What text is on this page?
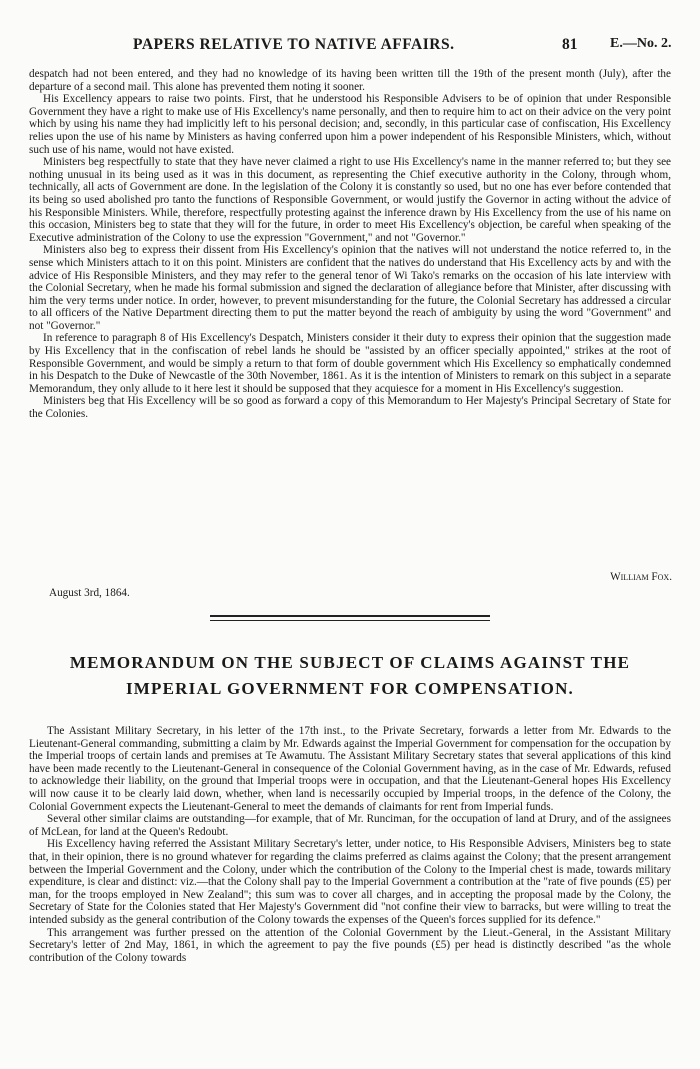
PAPERS RELATIVE TO NATIVE AFFAIRS.	81 E.—No. 2.

despatch had not been entered, and they had no knowledge of its having been written till the 19th of the present month (July), after the departure of a second mail. This alone has prevented them noting it sooner.

His Excellency appears to raise two points. First, that he understood his Responsible Advisers to be of opinion that under Responsible Government they have a right to make use of His Excellency's name personally, and then to require him to act on their advice on the very point which by using his name they had implicitly left to his personal decision; and, secondly, in this particular case of confiscation, His Excellency relies upon the use of his name by Ministers as having conferred upon him a power independent of his Responsible Ministers, which, without such use of his name, would not have existed.

Ministers beg respectfully to state that they have never claimed a right to use His Excellency's name in the manner referred to; but they see nothing unusual in its being used as it was in this document, as representing the Chief executive authority in the Colony, through whom, technically, all acts of Government are done. In the legislation of the Colony it is constantly so used, but no one has ever before contended that its being so used abolished pro tanto the functions of Responsible Government, or would justify the Governor in acting without the advice of his Responsible Ministers. While, therefore, respectfully protesting against the inference drawn by His Excellency from the use of his name on this occasion, Ministers beg to state that they will for the future, in order to meet His Excellency's objection, be careful when speaking of the Executive administration of the Colony to use the expression "Government," and not "Governor."

Ministers also beg to express their dissent from His Excellency's opinion that the natives will not understand the notice referred to, in the sense which Ministers attach to it on this point. Ministers are confident that the natives do understand that His Excellency acts by and with the advice of His Responsible Ministers, and they may refer to the general tenor of Wi Tako's remarks on the occasion of his late interview with the Colonial Secretary, when he made his formal submission and signed the declaration of allegiance before that Minister, after discussing with him the very terms under notice. In order, however, to prevent misunderstanding for the future, the Colonial Secretary has addressed a circular to all officers of the Native Department directing them to put the matter beyond the reach of ambiguity by using the word "Government" and not "Governor."

In reference to paragraph 8 of His Excellency's Despatch, Ministers consider it their duty to express their opinion that the suggestion made by His Excellency that in the confiscation of rebel lands he should be "assisted by an officer specially appointed," strikes at the root of Responsible Government, and would be simply a return to that form of double government which His Excellency so emphatically condemned in his Despatch to the Duke of Newcastle of the 30th November, 1861. As it is the intention of Ministers to remark on this subject in a separate Memorandum, they only allude to it here lest it should be supposed that they acquiesce for a moment in His Excellency's suggestion.

Ministers beg that His Excellency will be so good as forward a copy of this Memorandum to Her Majesty's Principal Secretary of State for the Colonies.

William Fox.
August 3rd, 1864.
MEMORANDUM ON THE SUBJECT OF CLAIMS AGAINST THE
IMPERIAL GOVERNMENT FOR COMPENSATION.

The Assistant Military Secretary, in his letter of the 17th inst., to the Private Secretary, forwards a letter from Mr. Edwards to the Lieutenant-General commanding, submitting a claim by Mr. Edwards against the Imperial Government for compensation for the occupation by the Imperial troops of certain lands and premises at Te Awamutu. The Assistant Military Secretary states that several applications of this kind have been made recently to the Lieutenant-General in consequence of the Colonial Government having, as in the case of Mr. Edwards, refused to acknowledge their liability, on the ground that Imperial troops were in occupation, and that the Lieutenant-General hopes His Excellency will now cause it to be clearly laid down, whether, when land is necessarily occupied by Imperial troops, in the defence of the Colony, the Colonial Government expects the Lieutenant-General to meet the demands of claimants for rent from Imperial funds.

Several other similar claims are outstanding—for example, that of Mr. Runciman, for the occupation of land at Drury, and of the assignees of McLean, for land at the Queen's Redoubt.

His Excellency having referred the Assistant Military Secretary's letter, under notice, to His Responsible Advisers, Ministers beg to state that, in their opinion, there is no ground whatever for regarding the claims preferred as claims against the Colony; that the present arrangement between the Imperial Government and the Colony, under which the contribution of the Colony to the Imperial chest is made, towards military expenditure, is clear and distinct: viz.—that the Colony shall pay to the Imperial Government a contribution at the "rate of five pounds (£5) per man, for the troops employed in New Zealand"; this sum was to cover all charges, and in accepting the proposal made by the Colony, the Secretary of State for the Colonies stated that Her Majesty's Government did "not confine their view to barracks, but were willing to treat the intended subsidy as the general contribution of the Colony towards the expenses of the Queen's forces supplied for its defence."

This arrangement was further pressed on the attention of the Colonial Government by the Lieut.-General, in the Assistant Military Secretary's letter of 2nd May, 1861, in which the agreement to pay the five pounds (£5) per head is distinctly described "as the whole contribution of the Colony towards
